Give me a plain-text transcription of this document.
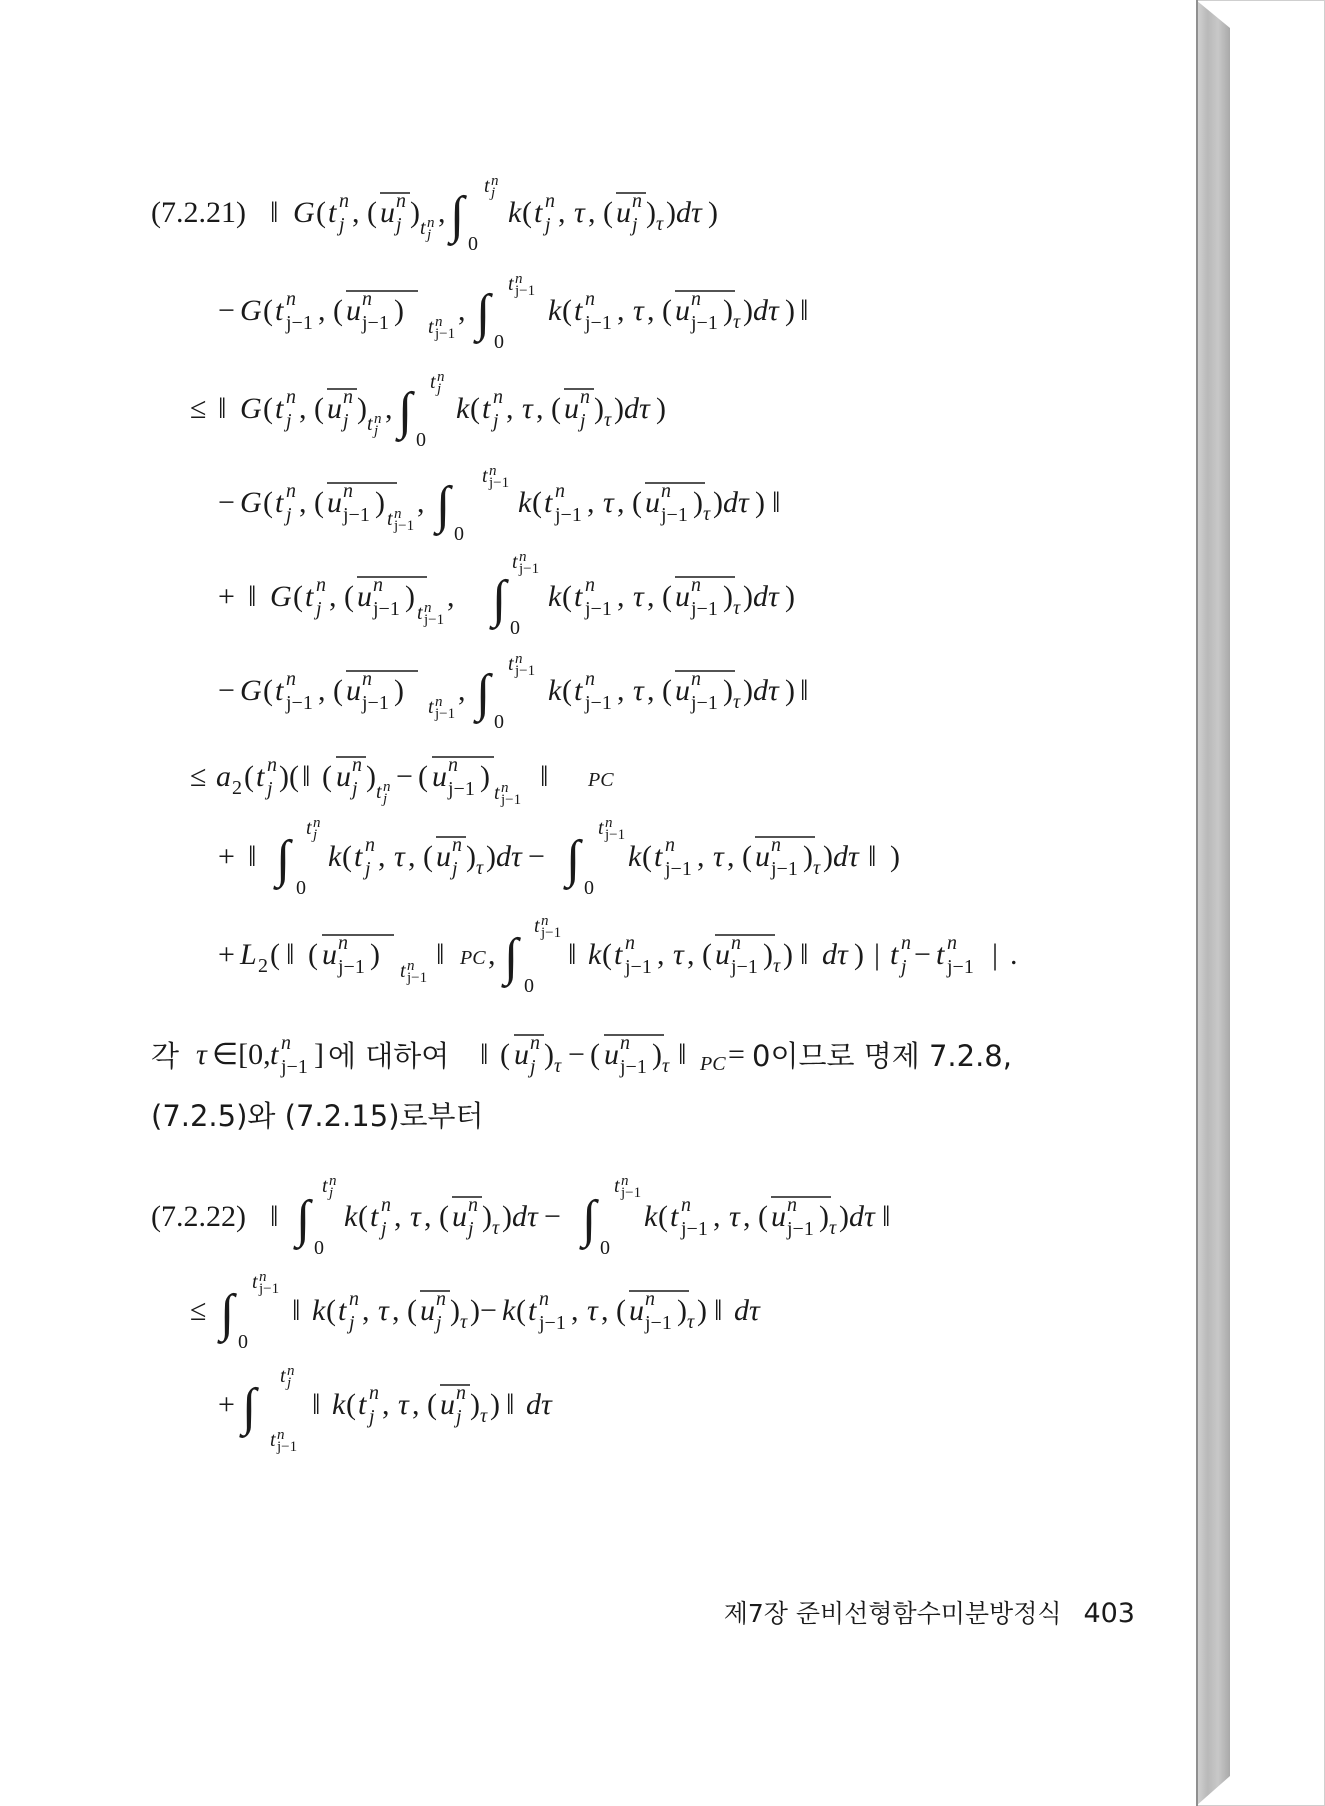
(7.2.21) ‖ G ( t n
j , ( u n
j ) t n
j
, ∫ 0
t n
j
k ( t n
j , τ , ( u n
j ) τ ) dτ )
− G ( t n
j−1 , ( u n
j−1 ) t n
j−1
, ∫ 0
t n
j−1
k ( t n
j−1 , τ , ( u n
j−1 ) τ ) dτ ) ‖
≤ ‖ G ( t n
j , ( u n
j ) t n
j
, ∫ 0
t n
j
k ( t n
j , τ , ( u n
j ) τ ) dτ )
− G ( t n
j , ( u n
j−1 ) t n
j−1
, ∫ 0
t n
j−1
k ( t n
j−1 , τ , ( u n
j−1 ) τ ) dτ ) ‖
+ ‖ G ( t n
j , ( u n
j−1 ) t n
j−1
, ∫ 0
t n
j−1
k ( t n
j−1 , τ , ( u n
j−1 ) τ ) dτ )
− G ( t n
j−1 , ( u n
j−1 ) t n
j−1
, ∫ 0
t n
j−1
k ( t n
j−1 , τ , ( u n
j−1 ) τ ) dτ ) ‖
≤ a 2 ( t n
j )( ‖ ( u n
j ) t n
j
− ( u n
j−1 ) t n
j−1
‖ PC
+ ‖ ∫ 0
t n
j
k ( t n
j , τ , ( u n
j ) τ ) dτ − ∫ 0
t n
j−1
k ( t n
j−1 , τ , ( u n
j−1 ) τ ) dτ ‖ )
+ L 2 ( ‖ ( u n
j−1 ) t n
j−1
‖ PC , ∫ 0
t n
j−1
‖ k ( t n
j−1 , τ , ( u n
j−1 ) τ ) ‖ dτ ) | t n
j − t n
j−1 | .
τ ∈[0, t n
j−1 ]	‖ ( u n
j ) τ − ( u n
j−1 ) τ ‖ PC =
(7.2.22) ‖ ∫ 0
t n
j
k ( t n
j , τ , ( u n
j ) τ ) dτ − ∫ 0
t n
j−1
k ( t n
j−1 , τ , ( u n
j−1 ) τ ) dτ ‖
≤ ∫ 0
t n
j−1
‖ k ( t n
j , τ , ( u n
j ) τ ) − k ( t n
j−1 , τ , ( u n
j−1 ) τ ) ‖ dτ
+ ∫
t n
j−1
t n
j
‖ k ( t n
j , τ , ( u n
j ) τ ) ‖ dτ
각	에 대하여	0이므로 명제 7.2.8,
(7.2.5)와 (7.2.15)로부터
제7장 준비선형함수미분방정식 403
